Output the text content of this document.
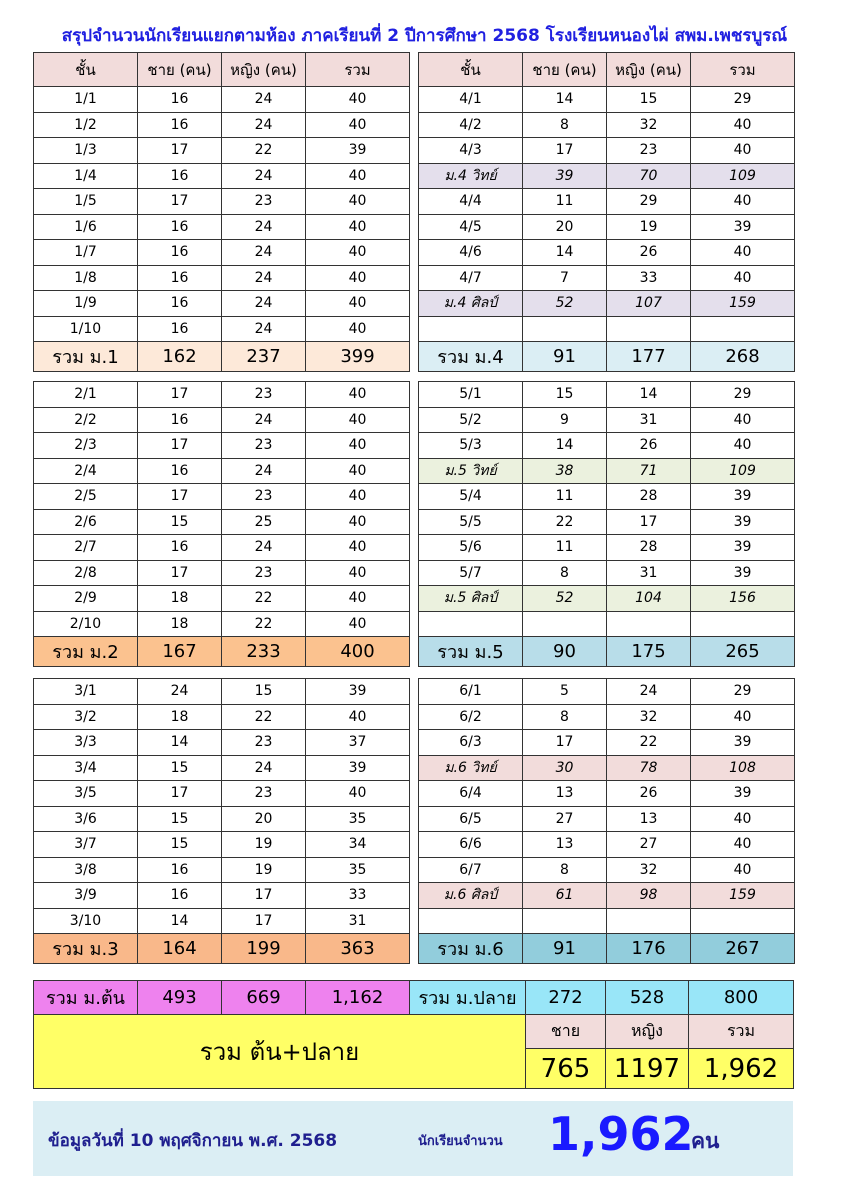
สรุปจำนวนนักเรียนแยกตามห้อง ภาคเรียนที่ 2 ปีการศึกษา 2568 โรงเรียนหนองไผ่ สพม.เพชรบูรณ์
ชั้น	ชาย (คน)	หญิง (คน)	รวม
1/1	16	24	40
1/2	16	24	40
1/3	17	22	39
1/4	16	24	40
1/5	17	23	40
1/6	16	24	40
1/7	16	24	40
1/8	16	24	40
1/9	16	24	40
1/10	16	24	40
รวม ม.1	162	237	399
ชั้น	ชาย (คน)	หญิง (คน)	รวม
4/1	14	15	29
4/2	8	32	40
4/3	17	23	40
ม.4 วิทย์	39	70	109
4/4	11	29	40
4/5	20	19	39
4/6	14	26	40
4/7	7	33	40
ม.4 ศิลป์	52	107	159

รวม ม.4	91	177	268
2/1	17	23	40
2/2	16	24	40
2/3	17	23	40
2/4	16	24	40
2/5	17	23	40
2/6	15	25	40
2/7	16	24	40
2/8	17	23	40
2/9	18	22	40
2/10	18	22	40
รวม ม.2	167	233	400
5/1	15	14	29
5/2	9	31	40
5/3	14	26	40
ม.5 วิทย์	38	71	109
5/4	11	28	39
5/5	22	17	39
5/6	11	28	39
5/7	8	31	39
ม.5 ศิลป์	52	104	156

รวม ม.5	90	175	265
3/1	24	15	39
3/2	18	22	40
3/3	14	23	37
3/4	15	24	39
3/5	17	23	40
3/6	15	20	35
3/7	15	19	34
3/8	16	19	35
3/9	16	17	33
3/10	14	17	31
รวม ม.3	164	199	363
6/1	5	24	29
6/2	8	32	40
6/3	17	22	39
ม.6 วิทย์	30	78	108
6/4	13	26	39
6/5	27	13	40
6/6	13	27	40
6/7	8	32	40
ม.6 ศิลป์	61	98	159

รวม ม.6	91	176	267
รวม ม.ต้น	493	669	1,162	รวม ม.ปลาย	272	528	800
รวม ต้น+ปลาย					ชาย	หญิง	รวม
					765	1197	1,962
ข้อมูลวันที่ 10 พฤศจิกายน พ.ศ. 2568	นักเรียนจำนวน 1,962
คน
